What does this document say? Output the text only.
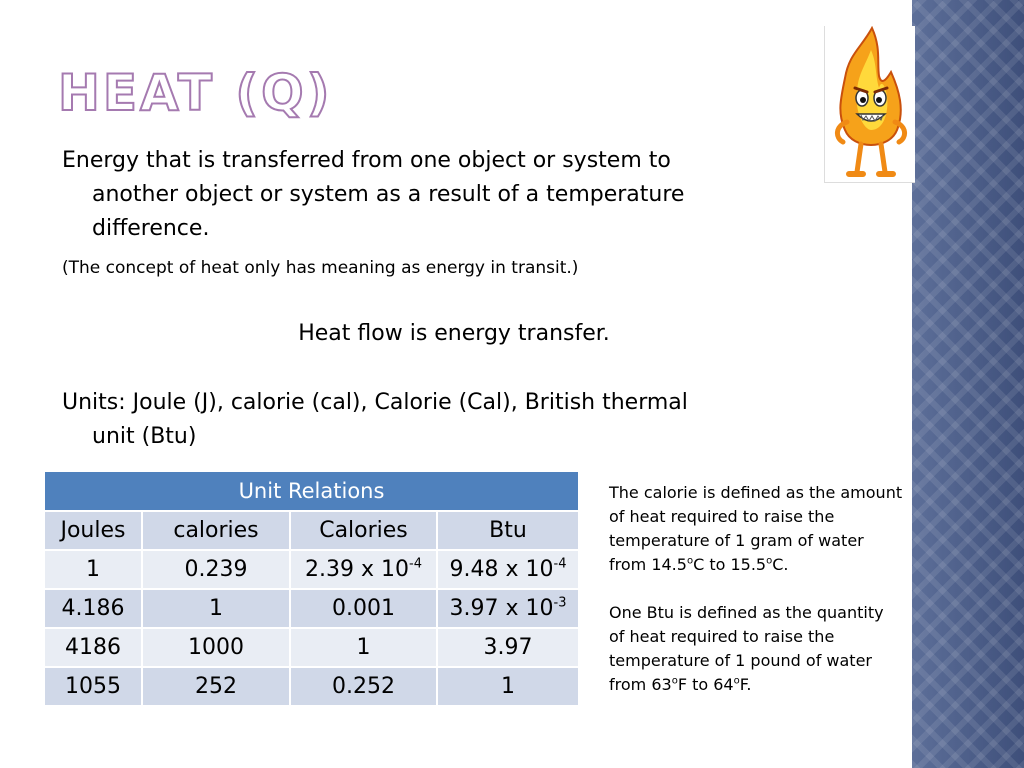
HEAT (Q)
Energy that is transferred from one object or system to
another object or system as a result of a temperature
difference.
(The concept of heat only has meaning as energy in transit.)
Heat flow is energy transfer.
Units: Joule (J), calorie (cal), Calorie (Cal), British thermal
unit (Btu)
Unit Relations			
Joules	calories	Calories	Btu
1	0.239	2.39 x $10^{-4}$	9.48 x $10^{-4}$
4.186	1	0.001	3.97 x $10^{-3}$
4186	1000	1	3.97
1055	252	0.252	1

The calorie is defined as the amount of heat required to raise the temperature of 1 gram of water from 14.5$^o$C to 15.5$^o$C.

One Btu is defined as the quantity of heat required to raise the temperature of 1 pound of water from 63$^o$F to 64$^o$F.
